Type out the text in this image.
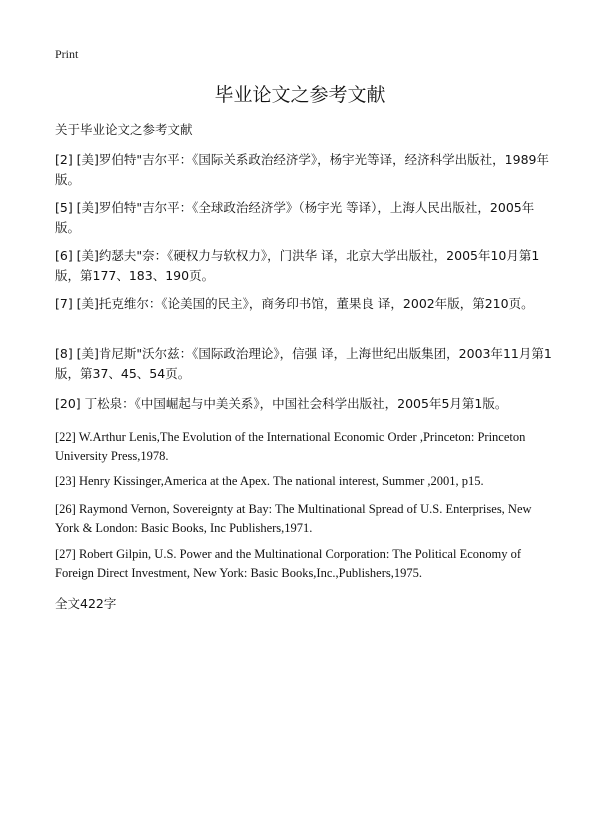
Print
毕业论文之参考文献
关于毕业论文之参考文献

[2] [美]罗伯特"吉尔平：《国际关系政治经济学》，杨宇光等译，经济科学出版社，1989年版。

[5] [美]罗伯特"吉尔平：《全球政治经济学》（杨宇光 等译），上海人民出版社，2005年版。

[6] [美]约瑟夫"奈：《硬权力与软权力》，门洪华 译，北京大学出版社，2005年10月第1版，第177、183、190页。

[7] [美]托克维尔：《论美国的民主》，商务印书馆，董果良 译，2002年版，第210页。

[8] [美]肯尼斯"沃尔兹：《国际政治理论》，信强 译，上海世纪出版集团，2003年11月第1版，第37、45、54页。

[20] 丁松泉：《中国崛起与中美关系》，中国社会科学出版社，2005年5月第1版。

[22] W.Arthur Lenis,The Evolution of the International Economic Order ,Princeton: Princeton University Press,1978.

[23] Henry Kissinger,America at the Apex. The national interest, Summer ,2001, p15.

[26] Raymond Vernon, Sovereignty at Bay: The Multinational Spread of U.S. Enterprises, New York & London: Basic Books, Inc Publishers,1971.

[27] Robert Gilpin, U.S. Power and the Multinational Corporation: The Political Economy of Foreign Direct Investment, New York: Basic Books,Inc.,Publishers,1975.

全文422字
